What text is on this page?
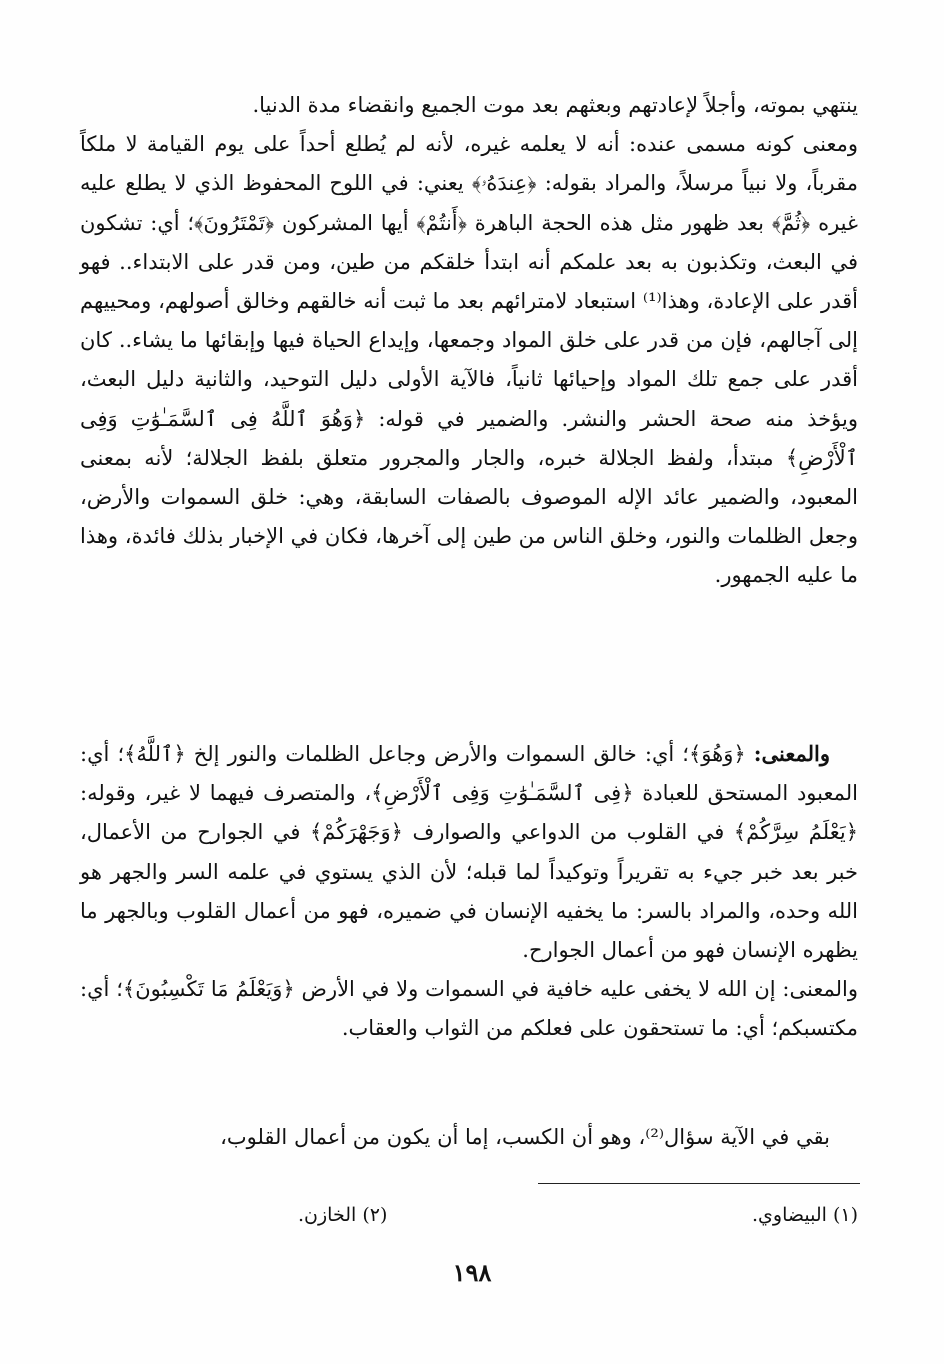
ينتهي بموته، وأجلاً لإعادتهم وبعثهم بعد موت الجميع وانقضاء مدة الدنيا.

ومعنى كونه مسمى عنده: أنه لا يعلمه غيره، لأنه لم يُطلع أحداً على يوم القيامة لا ملكاً مقرباً، ولا نبياً مرسلاً، والمراد بقوله: ﴿عِندَهُۥ﴾ يعني: في اللوح المحفوظ الذي لا يطلع عليه غيره ﴿ثُمَّ﴾ بعد ظهور مثل هذه الحجة الباهرة ﴿أَنتُمْ﴾ أيها المشركون ﴿تَمْتَرُونَ﴾؛ أي: تشكون في البعث، وتكذبون به بعد علمكم أنه ابتدأ خلقكم من طين، ومن قدر على الابتداء.. فهو أقدر على الإعادة، وهذا⁽¹⁾ استبعاد لامترائهم بعد ما ثبت أنه خالقهم وخالق أصولهم، ومحييهم إلى آجالهم، فإن من قدر على خلق المواد وجمعها، وإيداع الحياة فيها وإبقائها ما يشاء.. كان أقدر على جمع تلك المواد وإحيائها ثانياً، فالآية الأولى دليل التوحيد، والثانية دليل البعث، ويؤخذ منه صحة الحشر والنشر. والضمير في قوله: ﴿وَهُوَ ٱللَّهُ فِى ٱلسَّمَـٰوَٰتِ وَفِى ٱلْأَرْضِ﴾ مبتدأ، ولفظ الجلالة خبره، والجار والمجرور متعلق بلفظ الجلالة؛ لأنه بمعنى المعبود، والضمير عائد الإله الموصوف بالصفات السابقة، وهي: خلق السموات والأرض، وجعل الظلمات والنور، وخلق الناس من طين إلى آخرها، فكان في الإخبار بذلك فائدة، وهذا ما عليه الجمهور.

والمعنى: ﴿وَهُوَ﴾؛ أي: خالق السموات والأرض وجاعل الظلمات والنور إلخ ﴿ٱللَّهُ﴾؛ أي: المعبود المستحق للعبادة ﴿فِى ٱلسَّمَـٰوَٰتِ وَفِى ٱلْأَرْضِ﴾، والمتصرف فيهما لا غير، وقوله: ﴿يَعْلَمُ سِرَّكُمْ﴾ في القلوب من الدواعي والصوارف ﴿وَجَهْرَكُمْ﴾ في الجوارح من الأعمال، خبر بعد خبر جيء به تقريراً وتوكيداً لما قبله؛ لأن الذي يستوي في علمه السر والجهر هو الله وحده، والمراد بالسر: ما يخفيه الإنسان في ضميره، فهو من أعمال القلوب وبالجهر ما يظهره الإنسان فهو من أعمال الجوارح.

والمعنى: إن الله لا يخفى عليه خافية في السموات ولا في الأرض ﴿وَيَعْلَمُ مَا تَكْسِبُونَ﴾؛ أي: مكتسبكم؛ أي: ما تستحقون على فعلكم من الثواب والعقاب.

بقي في الآية سؤال⁽²⁾، وهو أن الكسب، إما أن يكون من أعمال القلوب،

(١) البيضاوي.
(٢) الخازن.
١٩٨
